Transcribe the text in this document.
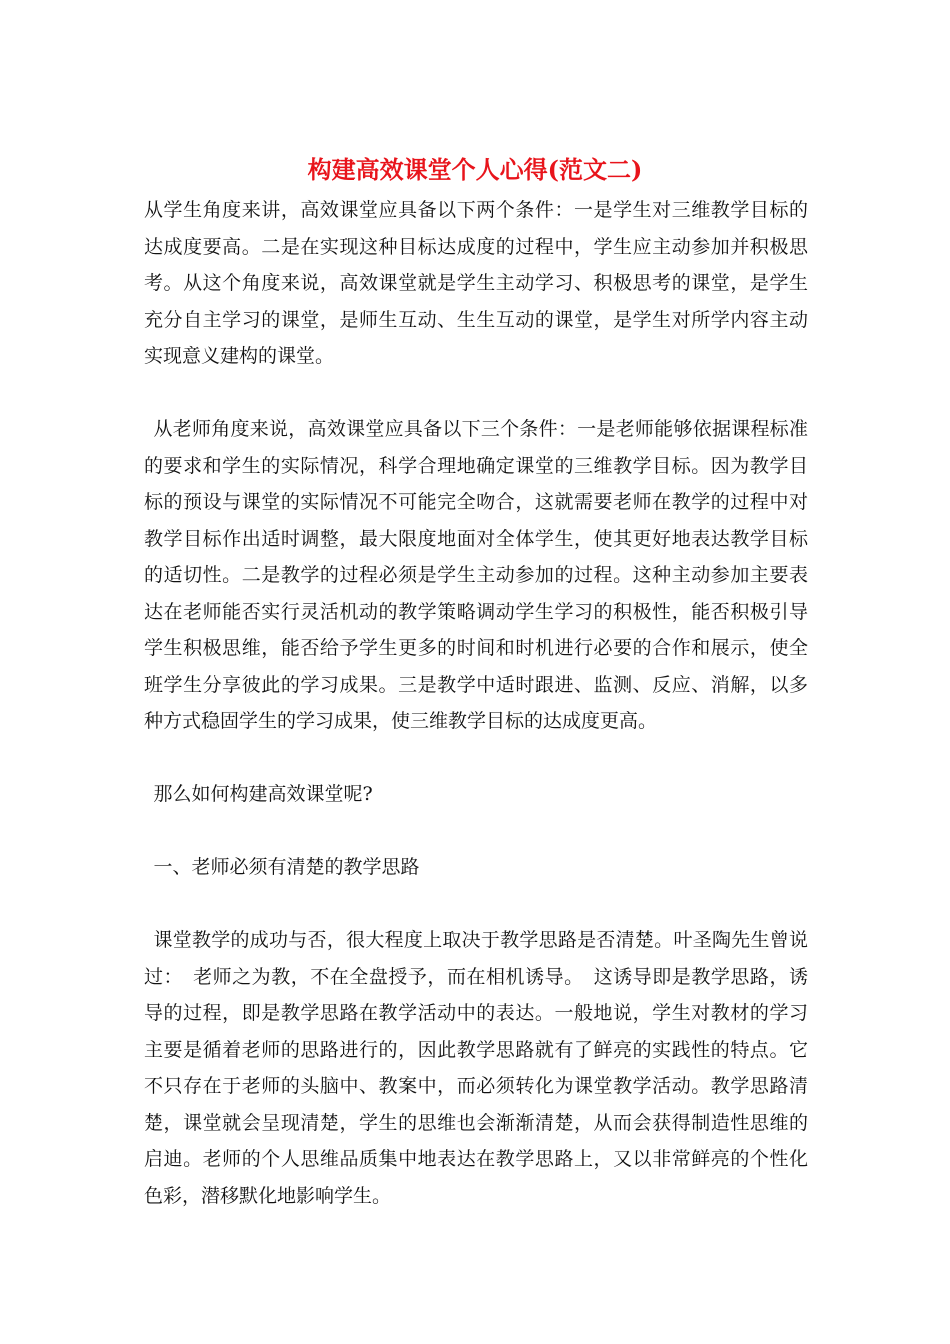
构建高效课堂个人心得(范文二)

从学生角度来讲，高效课堂应具备以下两个条件：一是学生对三维教学目标的达成度要高。二是在实现这种目标达成度的过程中，学生应主动参加并积极思考。从这个角度来说，高效课堂就是学生主动学习、积极思考的课堂，是学生充分自主学习的课堂，是师生互动、生生互动的课堂，是学生对所学内容主动实现意义建构的课堂。

从老师角度来说，高效课堂应具备以下三个条件：一是老师能够依据课程标准的要求和学生的实际情况，科学合理地确定课堂的三维教学目标。因为教学目标的预设与课堂的实际情况不可能完全吻合，这就需要老师在教学的过程中对教学目标作出适时调整，最大限度地面对全体学生，使其更好地表达教学目标的适切性。二是教学的过程必须是学生主动参加的过程。这种主动参加主要表达在老师能否实行灵活机动的教学策略调动学生学习的积极性，能否积极引导学生积极思维，能否给予学生更多的时间和时机进行必要的合作和展示，使全班学生分享彼此的学习成果。三是教学中适时跟进、监测、反应、消解，以多种方式稳固学生的学习成果，使三维教学目标的达成度更高。

那么如何构建高效课堂呢?

一、老师必须有清楚的教学思路

课堂教学的成功与否，很大程度上取决于教学思路是否清楚。叶圣陶先生曾说过：　老师之为教，不在全盘授予，而在相机诱导。　这诱导即是教学思路，诱导的过程，即是教学思路在教学活动中的表达。一般地说，学生对教材的学习主要是循着老师的思路进行的，因此教学思路就有了鲜亮的实践性的特点。它不只存在于老师的头脑中、教案中，而必须转化为课堂教学活动。教学思路清楚，课堂就会呈现清楚，学生的思维也会渐渐清楚，从而会获得制造性思维的启迪。老师的个人思维品质集中地表达在教学思路上，又以非常鲜亮的个性化色彩，潜移默化地影响学生。
